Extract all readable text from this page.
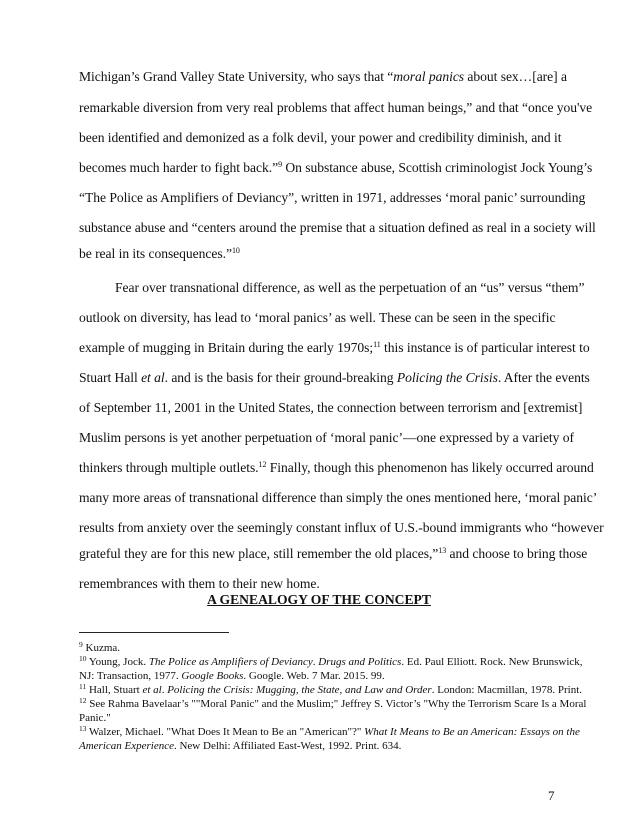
Michigan’s Grand Valley State University, who says that “moral panics about sex…[are] a
remarkable diversion from very real problems that affect human beings,” and that “once you've
been identified and demonized as a folk devil, your power and credibility diminish, and it
becomes much harder to fight back.”$^9$ On substance abuse, Scottish criminologist Jock Young’s
“The Police as Amplifiers of Deviancy”, written in 1971, addresses ‘moral panic’ surrounding
substance abuse and “centers around the premise that a situation defined as real in a society will
be real in its consequences.”$^{10}$
Fear over transnational difference, as well as the perpetuation of an “us” versus “them”
outlook on diversity, has lead to ‘moral panics’ as well. These can be seen in the specific
example of mugging in Britain during the early 1970s;$^{11}$ this instance is of particular interest to
Stuart Hall et al. and is the basis for their ground-breaking Policing the Crisis. After the events
of September 11, 2001 in the United States, the connection between terrorism and [extremist]
Muslim persons is yet another perpetuation of ‘moral panic’—one expressed by a variety of
thinkers through multiple outlets.$^{12}$ Finally, though this phenomenon has likely occurred around
many more areas of transnational difference than simply the ones mentioned here, ‘moral panic’
results from anxiety over the seemingly constant influx of U.S.-bound immigrants who “however
grateful they are for this new place, still remember the old places,”$^{13}$ and choose to bring those
remembrances with them to their new home.
A GENEALOGY OF THE CONCEPT
$^9$ Kuzma.
$^{10}$ Young, Jock. The Police as Amplifiers of Deviancy. Drugs and Politics. Ed. Paul Elliott. Rock. New Brunswick,
NJ: Transaction, 1977. Google Books. Google. Web. 7 Mar. 2015. 99.
$^{11}$ Hall, Stuart et al. Policing the Crisis: Mugging, the State, and Law and Order. London: Macmillan, 1978. Print.
$^{12}$ See Rahma Bavelaar’s ""Moral Panic" and the Muslim;" Jeffrey S. Victor’s "Why the Terrorism Scare Is a Moral
Panic."
$^{13}$ Walzer, Michael. "What Does It Mean to Be an "American"?" What It Means to Be an American: Essays on the
American Experience. New Delhi: Affiliated East-West, 1992. Print. 634.
7
